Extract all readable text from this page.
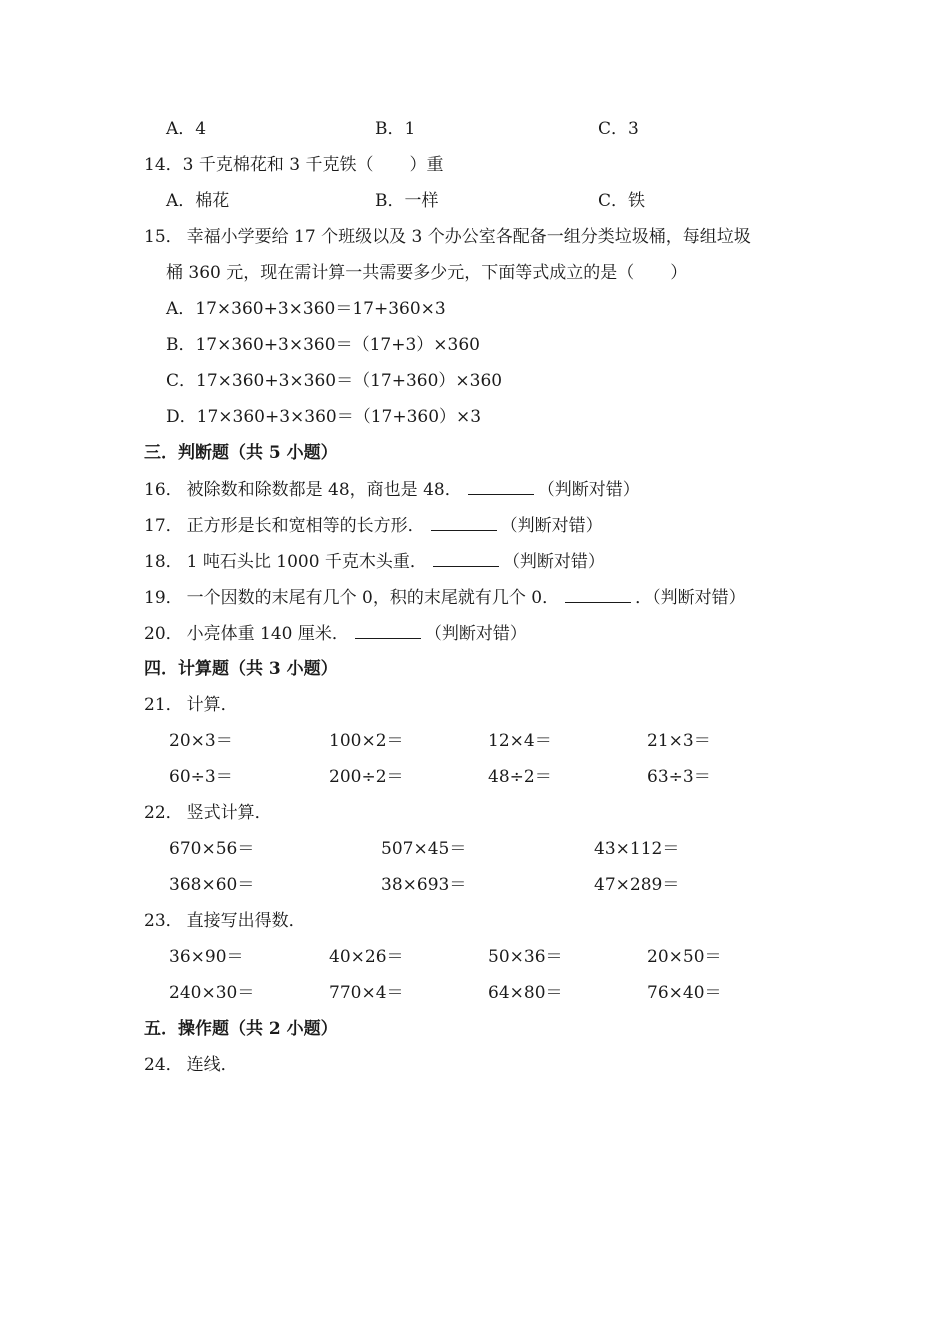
A．4	B．1	C．3
14．3 千克棉花和 3 千克铁（ ）重
A．棉花	B．一样	C．铁
15． 幸福小学要给 17 个班级以及 3 个办公室各配备一组分类垃圾桶，每组垃圾
桶 360 元，现在需计算一共需要多少元，下面等式成立的是（ ）
A．17×360+3×360＝17+360×3
B．17×360+3×360＝（17+3）×360
C．17×360+3×360＝（17+360）×360
D．17×360+3×360＝（17+360）×3
三．判断题（共 5 小题）
16． 被除数和除数都是 48，商也是 48．	（判断对错）
17． 正方形是长和宽相等的长方形．	（判断对错）
18． 1 吨石头比 1000 千克木头重．	（判断对错）
19． 一个因数的末尾有几个 0，积的末尾就有几个 0．	．（判断对错）
20． 小亮体重 140 厘米．	（判断对错）
四．计算题（共 3 小题）
21． 计算．
20×3＝	100×2＝	12×4＝	21×3＝
60÷3＝	200÷2＝	48÷2＝	63÷3＝
22． 竖式计算．
670×56＝	507×45＝	43×112＝
368×60＝	38×693＝	47×289＝
23． 直接写出得数．
36×90＝	40×26＝	50×36＝	20×50＝
240×30＝	770×4＝	64×80＝	76×40＝
五．操作题（共 2 小题）
24． 连线．
